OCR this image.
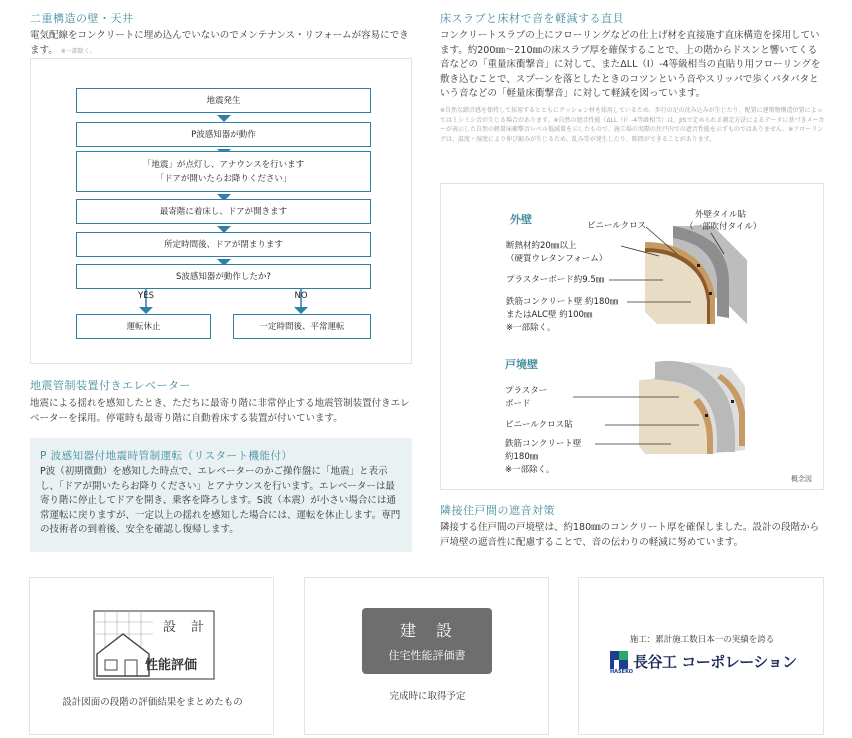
二重構造の壁・天井
電気配線をコンクリートに埋め込んでいないのでメンテナンス・リフォームが容易にできます。 ※一部除く。
地震発生
P波感知器が動作
「地震」が点灯し、アナウンスを行います
「ドアが開いたらお降りください」
最寄階に着床し、ドアが開きます
所定時間後、ドアが閉まります
S波感知器が動作したか?
YES	NO
運転休止	一定時間後、平常運転
地震管制装置付きエレベーター
地震による揺れを感知したとき、ただちに最寄り階に非常停止する地震管制装置付きエレベーターを採用。停電時も最寄り階に自動着床する装置が付いています。
P 波感知器付地震時管制運転（リスタート機能付）
P波（初期微動）を感知した時点で、エレベーターのかご操作盤に「地震」と表示し、「ドアが開いたらお降りください」とアナウンスを行います。エレベーターは最寄り階に停止してドアを開き、乗客を降ろします。S波（本震）が小さい場合には通常運転に戻りますが、一定以上の揺れを感知した場合には、運転を休止します。専門の技術者の到着後、安全を確認し復帰します。
床スラブと床材で音を軽減する直貝
コンクリートスラブの上にフローリングなどの仕上げ材を直接施す直床構造を採用しています。約200㎜〜210㎜の床スラブ厚を確保することで、上の階からドスンと響いてくる音などの「重量床衝撃音」に対して、またΔLL（Ⅰ）-4等級相当の直貼り用フローリングを敷き込むことで、スプーンを落としたときのコツンという音やスリッパで歩くパタパタという音などの「軽量床衝撃音」に対して軽減を図っています。
※自然な踏音感を保持して採用するとともにクッション材を採用しているため、歩行の足の沈み込みが生じたり、配置に建築物構造位置によってはミシミシ音が生じる場合があります。※自然の遮音性能（ΔLL（Ⅰ）-4等級相当）は、JISで定められる測定方法によるデータに基づきメーカーが表示した自然の軽量床衝撃音レベル低減量を示したもので、施工場の実際の住戸内での遮音性能を示すものではありません。※フローリングは、温度・湿度により伸び縮みが生じるため、乱み等が発生したり、隙間ができることがあります。
外壁	ビニールクロス
外壁タイル貼
（一部吹付タイル）
断熱材約20㎜以上
（硬質ウレタンフォーム）
プラスターボード約9.5㎜
鉄筋コンクリート壁 約180㎜
またはALC壁 約100㎜
※一部除く。
戸境壁
プラスター
ボード
ビニールクロス貼
鉄筋コンクリート壁
約180㎜
※一部除く。
概念図
隣接住戸間の遮音対策
隣接する住戸間の戸境壁は、約180㎜のコンクリート厚を確保しました。設計の段階から戸境壁の遮音性に配慮することで、音の伝わりの軽減に努めています。
設　計
性能評価
設計図面の段階の評価結果をまとめたもの
建　設
住宅性能評価書
完成時に取得予定
施工：累計施工数日本一の実績を誇る
HASEKO
長谷工 コーポレーション
